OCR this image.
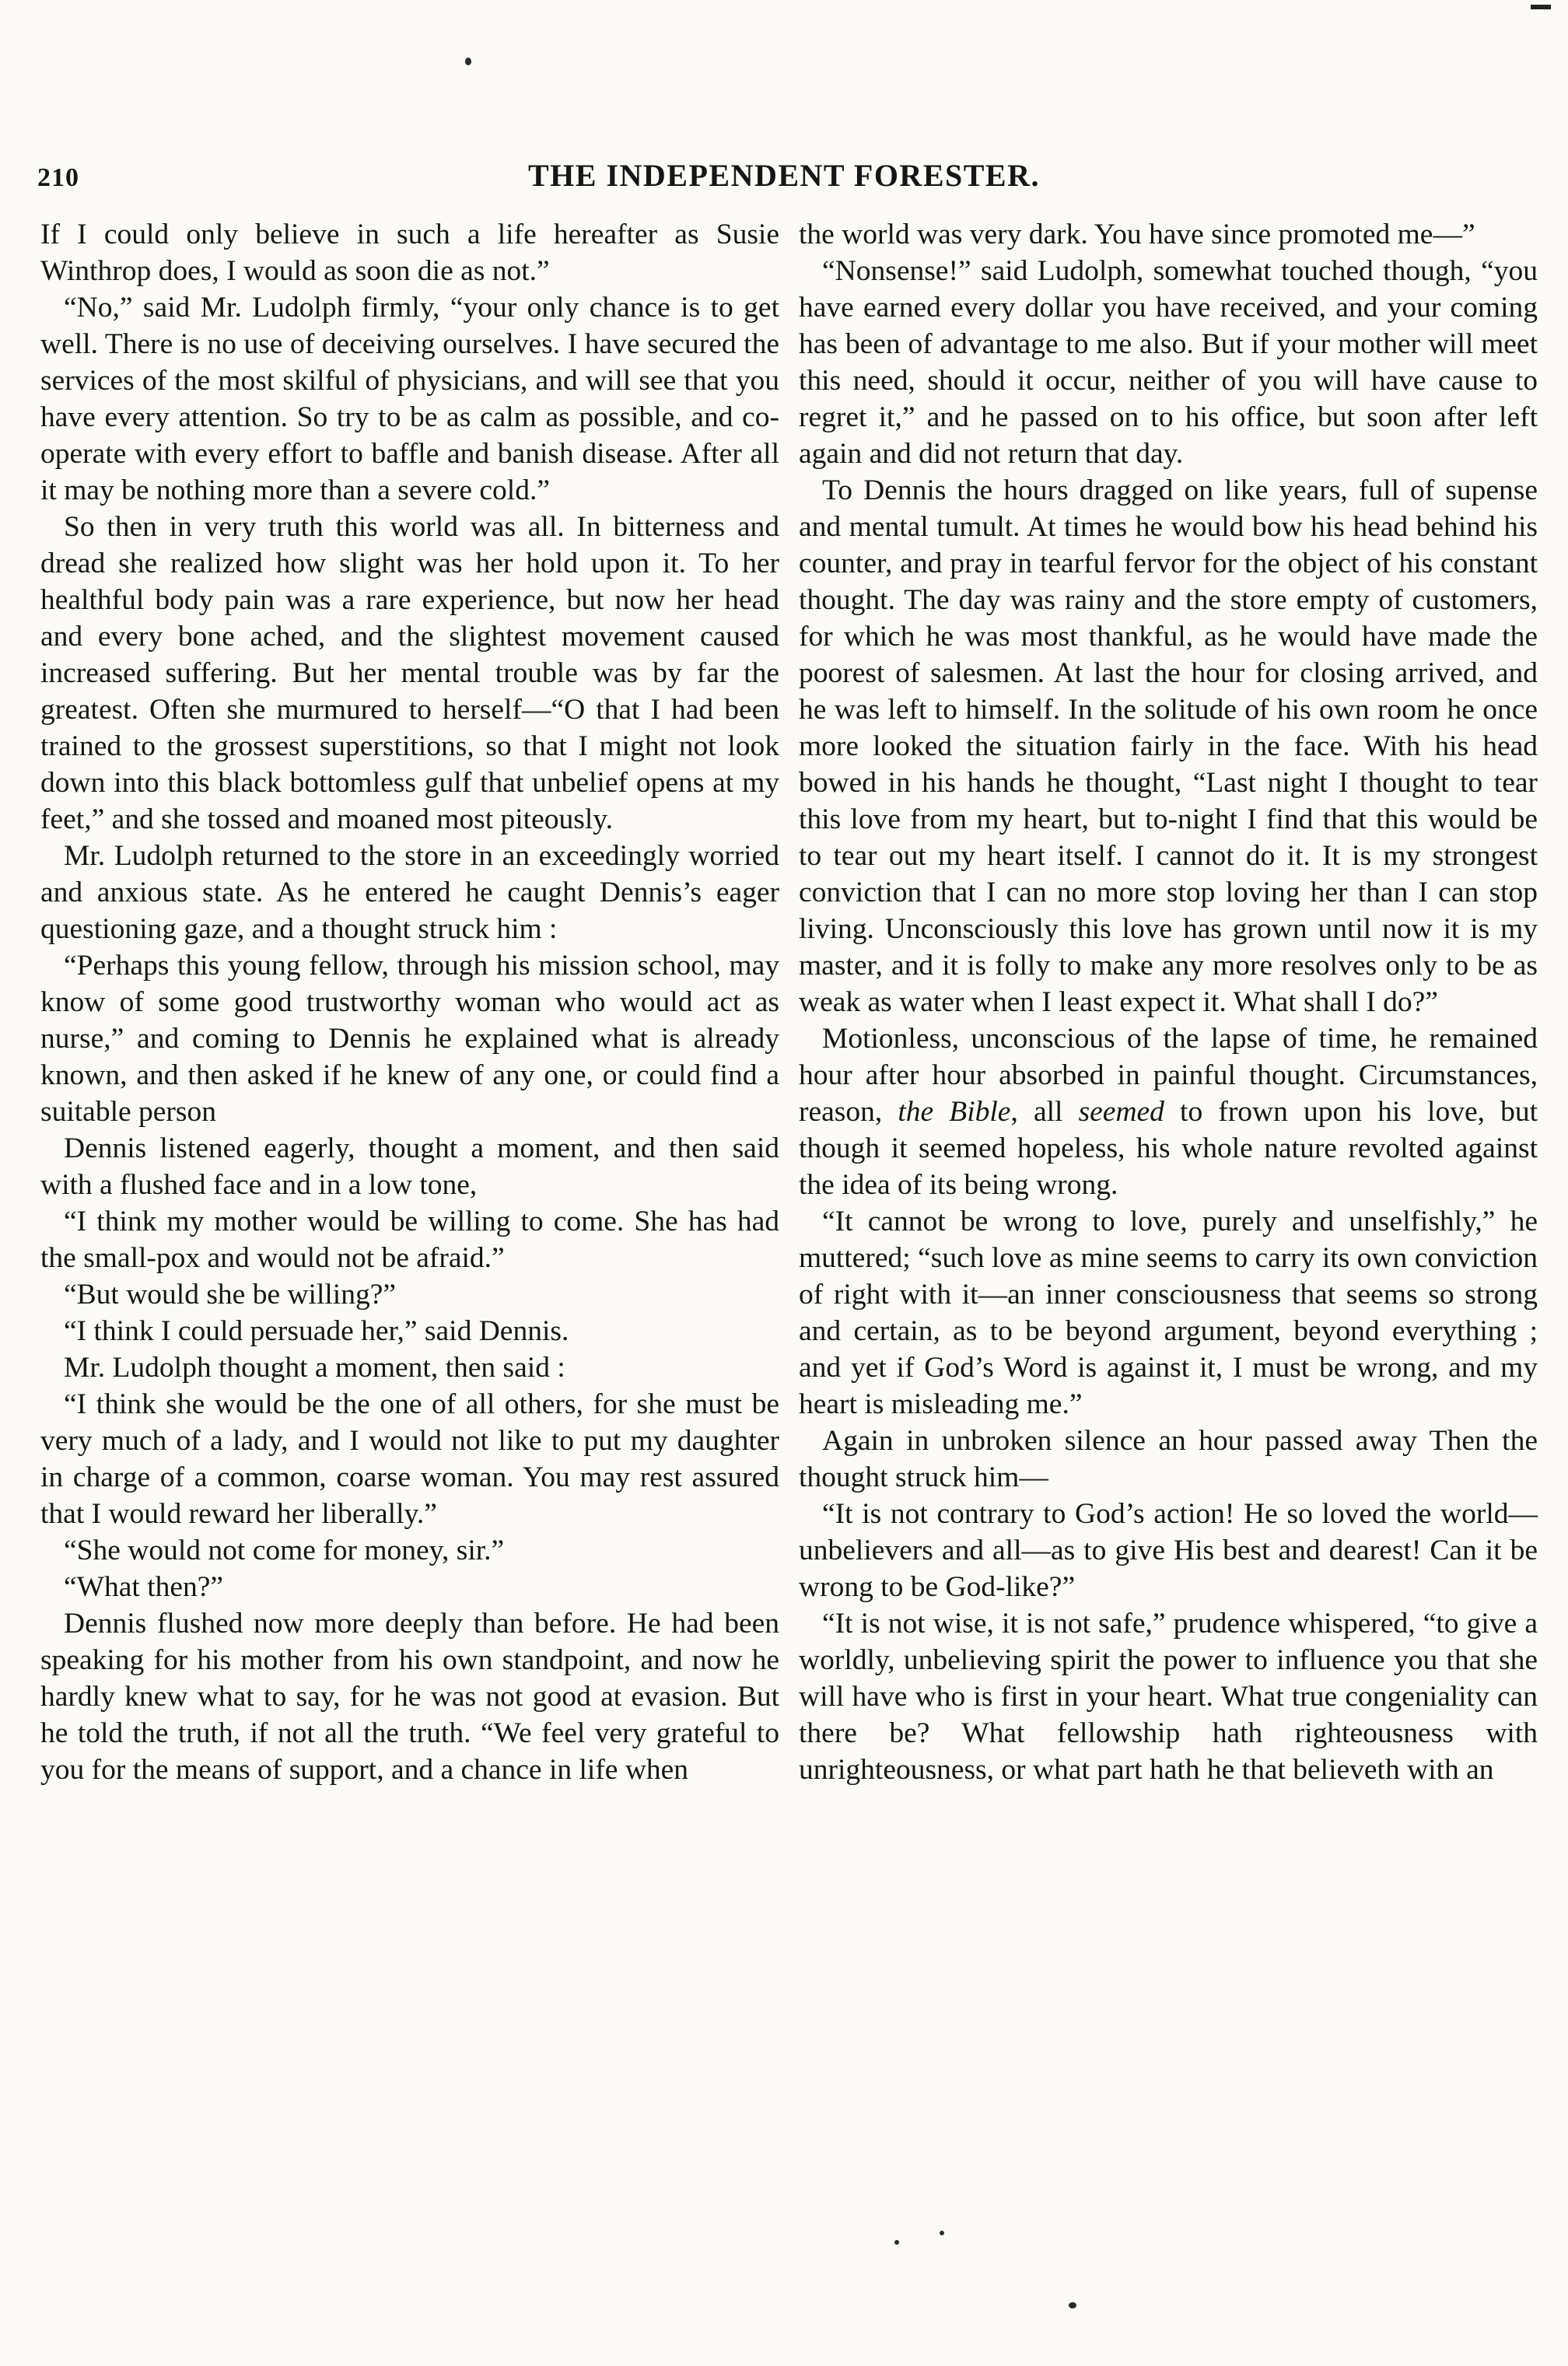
210	THE INDEPENDENT FORESTER.

If I could only believe in such a life hereafter as Susie Winthrop does, I would as soon die as not.”

“No,” said Mr. Ludolph firmly, “your only chance is to get well. There is no use of deceiving ourselves. I have secured the services of the most skilful of physicians, and will see that you have every attention. So try to be as calm as possible, and co-operate with every effort to baffle and banish disease. After all it may be nothing more than a severe cold.”

So then in very truth this world was all. In bitterness and dread she realized how slight was her hold upon it. To her healthful body pain was a rare experience, but now her head and every bone ached, and the slightest movement caused increased suffering. But her mental trouble was by far the greatest. Often she murmured to herself—“O that I had been trained to the grossest superstitions, so that I might not look down into this black bottomless gulf that unbelief opens at my feet,” and she tossed and moaned most piteously.

Mr. Ludolph returned to the store in an exceedingly worried and anxious state. As he entered he caught Dennis’s eager questioning gaze, and a thought struck him :

“Perhaps this young fellow, through his mission school, may know of some good trustworthy woman who would act as nurse,” and coming to Dennis he explained what is already known, and then asked if he knew of any one, or could find a suitable person

Dennis listened eagerly, thought a moment, and then said with a flushed face and in a low tone,

“I think my mother would be willing to come. She has had the small-pox and would not be afraid.”

“But would she be willing?”

“I think I could persuade her,” said Dennis.

Mr. Ludolph thought a moment, then said :

“I think she would be the one of all others, for she must be very much of a lady, and I would not like to put my daughter in charge of a common, coarse woman. You may rest assured that I would reward her liberally.”

“She would not come for money, sir.”

“What then?”

Dennis flushed now more deeply than before. He had been speaking for his mother from his own standpoint, and now he hardly knew what to say, for he was not good at evasion. But he told the truth, if not all the truth. “We feel very grateful to you for the means of support, and a chance in life when

the world was very dark. You have since promoted me—”

“Nonsense!” said Ludolph, somewhat touched though, “you have earned every dollar you have received, and your coming has been of advantage to me also. But if your mother will meet this need, should it occur, neither of you will have cause to regret it,” and he passed on to his office, but soon after left again and did not return that day.

To Dennis the hours dragged on like years, full of supense and mental tumult. At times he would bow his head behind his counter, and pray in tearful fervor for the object of his constant thought. The day was rainy and the store empty of customers, for which he was most thankful, as he would have made the poorest of salesmen. At last the hour for closing arrived, and he was left to himself. In the solitude of his own room he once more looked the situation fairly in the face. With his head bowed in his hands he thought, “Last night I thought to tear this love from my heart, but to-night I find that this would be to tear out my heart itself. I cannot do it. It is my strongest conviction that I can no more stop loving her than I can stop living. Unconsciously this love has grown until now it is my master, and it is folly to make any more resolves only to be as weak as water when I least expect it. What shall I do?”

Motionless, unconscious of the lapse of time, he remained hour after hour absorbed in painful thought. Circumstances, reason, the Bible, all seemed to frown upon his love, but though it seemed hopeless, his whole nature revolted against the idea of its being wrong.

“It cannot be wrong to love, purely and unselfishly,” he muttered; “such love as mine seems to carry its own conviction of right with it—an inner consciousness that seems so strong and certain, as to be beyond argument, beyond everything ; and yet if God’s Word is against it, I must be wrong, and my heart is misleading me.”

Again in unbroken silence an hour passed away Then the thought struck him—

“It is not contrary to God’s action! He so loved the world—unbelievers and all—as to give His best and dearest! Can it be wrong to be God-like?”

“It is not wise, it is not safe,” prudence whispered, “to give a worldly, unbelieving spirit the power to influence you that she will have who is first in your heart. What true congeniality can there be? What fellowship hath righteousness with unrighteousness, or what part hath he that believeth with an
